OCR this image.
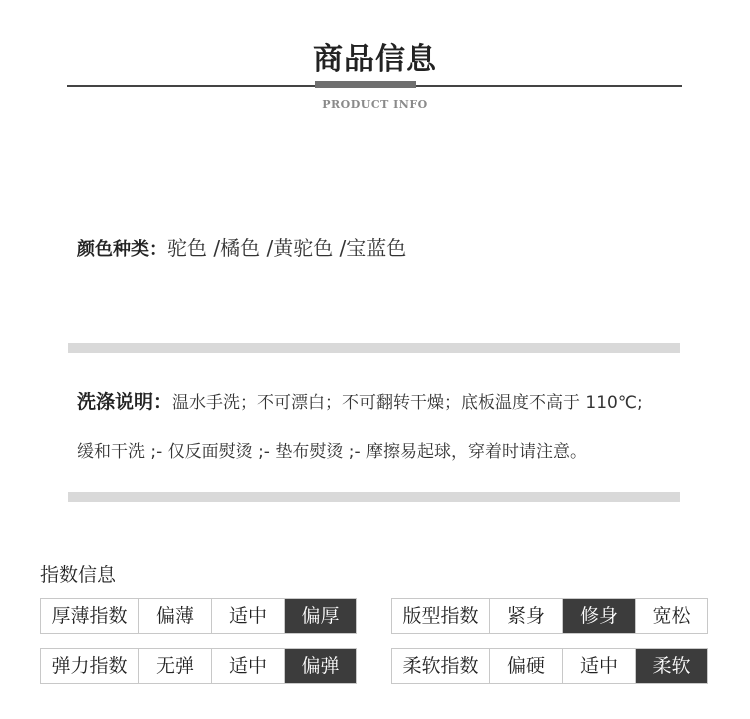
商品信息
PRODUCT INFO
颜色种类：驼色 /橘色 /黄驼色 /宝蓝色
洗涤说明：温水手洗；不可漂白；不可翻转干燥；底板温度不高于 110℃;
缓和干洗 ;- 仅反面熨烫 ;- 垫布熨烫 ;- 摩擦易起球，穿着时请注意。
指数信息
厚薄指数	偏薄	适中	偏厚	版型指数	紧身	修身	宽松
弹力指数	无弹	适中	偏弹	柔软指数	偏硬	适中	柔软
